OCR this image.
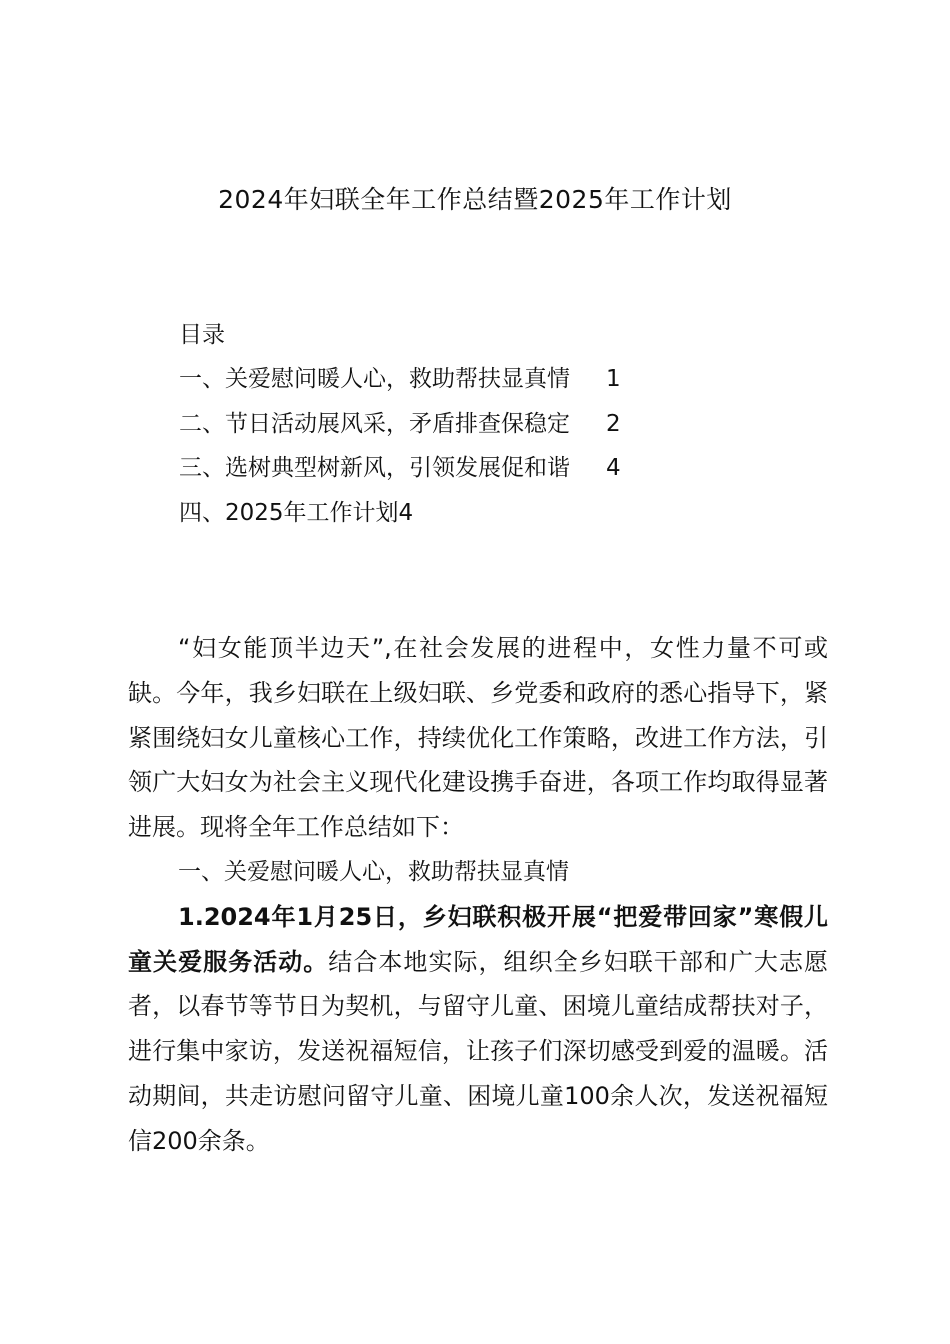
2024年妇联全年工作总结暨2025年工作计划
目录
一、关爱慰问暖人心，救助帮扶显真情 1
二、节日活动展风采，矛盾排查保稳定 2
三、选树典型树新风，引领发展促和谐 4
四、2025年工作计划 4

“妇女能顶半边天”,在社会发展的进程中，女性力量不可或缺。今年，我乡妇联在上级妇联、乡党委和政府的悉心指导下，紧紧围绕妇女儿童核心工作，持续优化工作策略，改进工作方法，引领广大妇女为社会主义现代化建设携手奋进，各项工作均取得显著进展。现将全年工作总结如下：

一、关爱慰问暖人心，救助帮扶显真情

1.2024年1月25日，乡妇联积极开展“把爱带回家”寒假儿童关爱服务活动。结合本地实际，组织全乡妇联干部和广大志愿者，以春节等节日为契机，与留守儿童、困境儿童结成帮扶对子，进行集中家访，发送祝福短信，让孩子们深切感受到爱的温暖。活动期间，共走访慰问留守儿童、困境儿童100余人次，发送祝福短信200余条。
